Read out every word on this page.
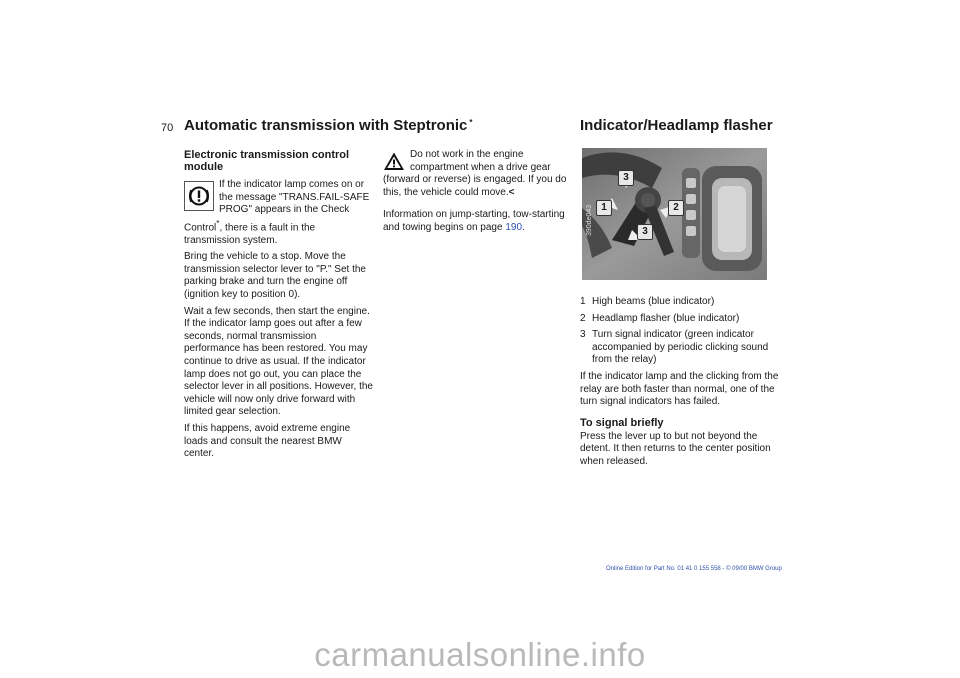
70 Automatic transmission with Steptronic *	Indicator/Headlamp flasher
Electronic transmission control module

If the indicator lamp comes on or the message "TRANS.FAIL-SAFE PROG" appears in the Check Control*, there is a fault in the transmission system.

Bring the vehicle to a stop. Move the transmission selector lever to "P." Set the parking brake and turn the engine off (ignition key to position 0).

Wait a few seconds, then start the engine.
If the indicator lamp goes out after a few seconds, normal transmission performance has been restored. You may continue to drive as usual. If the indicator lamp does not go out, you can place the selector lever in all positions. However, the vehicle will now only drive forward with limited gear selection.

If this happens, avoid extreme engine loads and consult the nearest BMW center.

Do not work in the engine compartment when a drive gear (forward or reverse) is engaged. If you do this, the vehicle could move.<

Information on jump-starting, tow-starting and towing begins on page 190.

3
1	2
3
390de043
1 High beams (blue indicator)
2 Headlamp flasher (blue indicator)
3 Turn signal indicator (green indicator accompanied by periodic clicking sound from the relay)

If the indicator lamp and the clicking from the relay are both faster than normal, one of the turn signal indicators has failed.

To signal briefly

Press the lever up to but not beyond the detent. It then returns to the center position when released.

Online Edition for Part No. 01 41 0 155 558 - © 09/00 BMW Group
carmanualsonline.info
